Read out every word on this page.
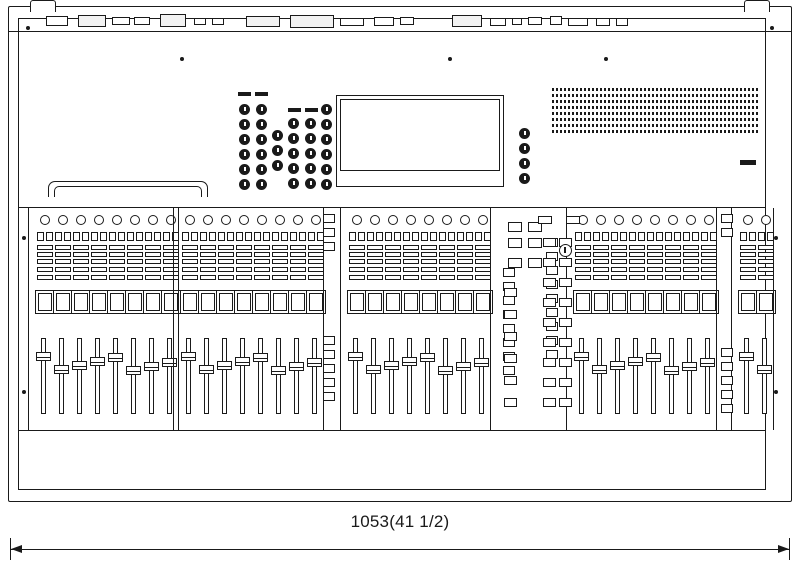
1053(41 1/2)
